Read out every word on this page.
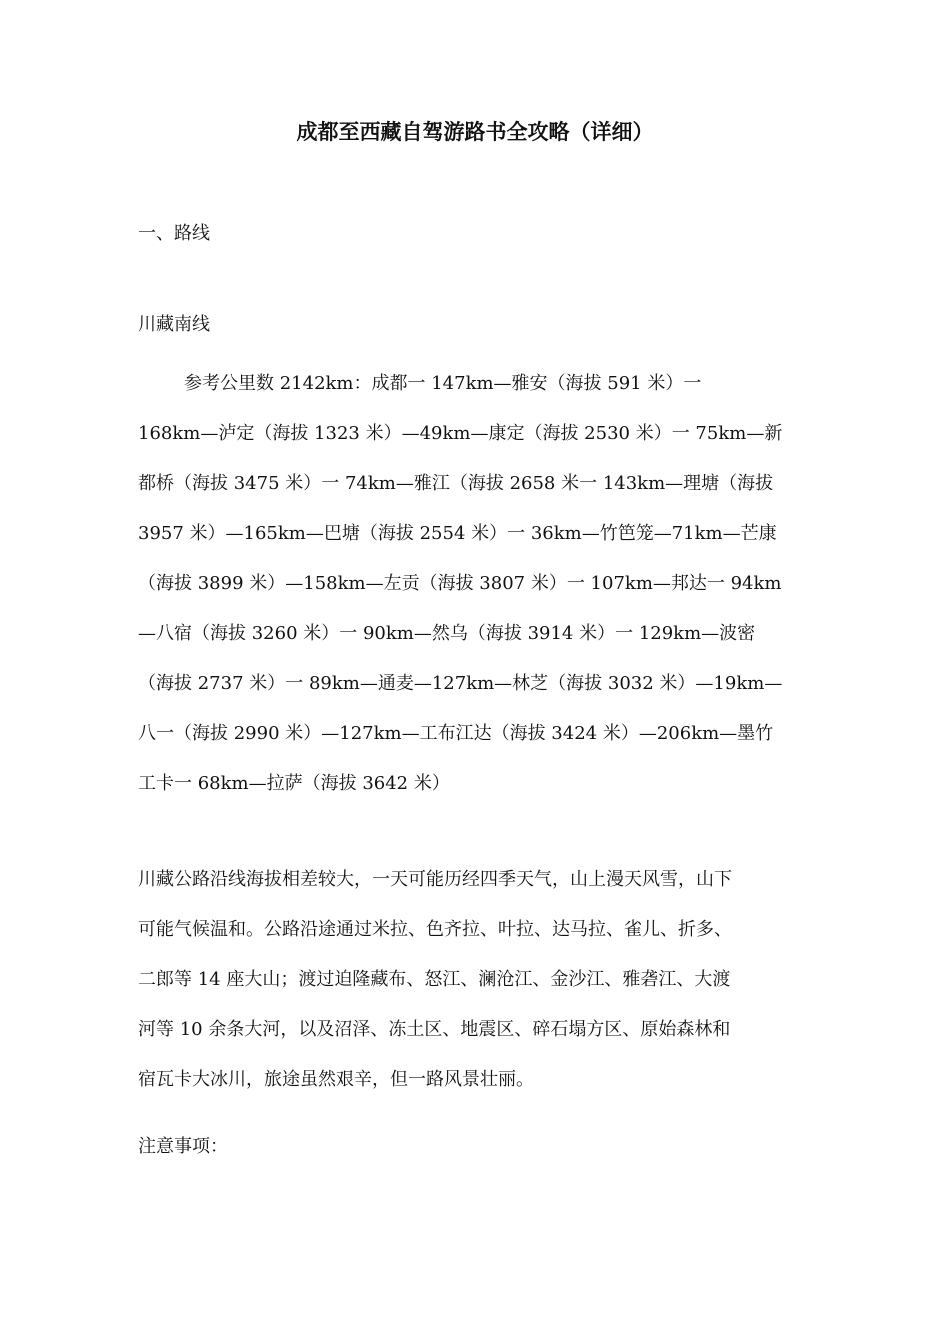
成都至西藏自驾游路书全攻略（详细）

一、路线

川藏南线

参考公里数 2142km：成都一 147km—雅安（海拔 591 米）一
168km—泸定（海拔 1323 米）—49km—康定（海拔 2530 米）一 75km—新
都桥（海拔 3475 米）一 74km—雅江（海拔 2658 米一 143km—理塘（海拔
3957 米）—165km—巴塘（海拔 2554 米）一 36km—竹笆笼—71km—芒康
（海拔 3899 米）—158km—左贡（海拔 3807 米）一 107km—邦达一 94km
—八宿（海拔 3260 米）一 90km—然乌（海拔 3914 米）一 129km—波密
（海拔 2737 米）一 89km—通麦—127km—林芝（海拔 3032 米）—19km—
八一（海拔 2990 米）—127km—工布江达（海拔 3424 米）—206km—墨竹
工卡一 68km—拉萨（海拔 3642 米）

川藏公路沿线海拔相差较大，一天可能历经四季天气，山上漫天风雪，山下
可能气候温和。公路沿途通过米拉、色齐拉、叶拉、达马拉、雀儿、折多、
二郎等 14 座大山；渡过迫隆藏布、怒江、澜沧江、金沙江、雅砻江、大渡
河等 10 余条大河，以及沼泽、冻土区、地震区、碎石塌方区、原始森林和
宿瓦卡大冰川，旅途虽然艰辛，但一路风景壮丽。

注意事项：
